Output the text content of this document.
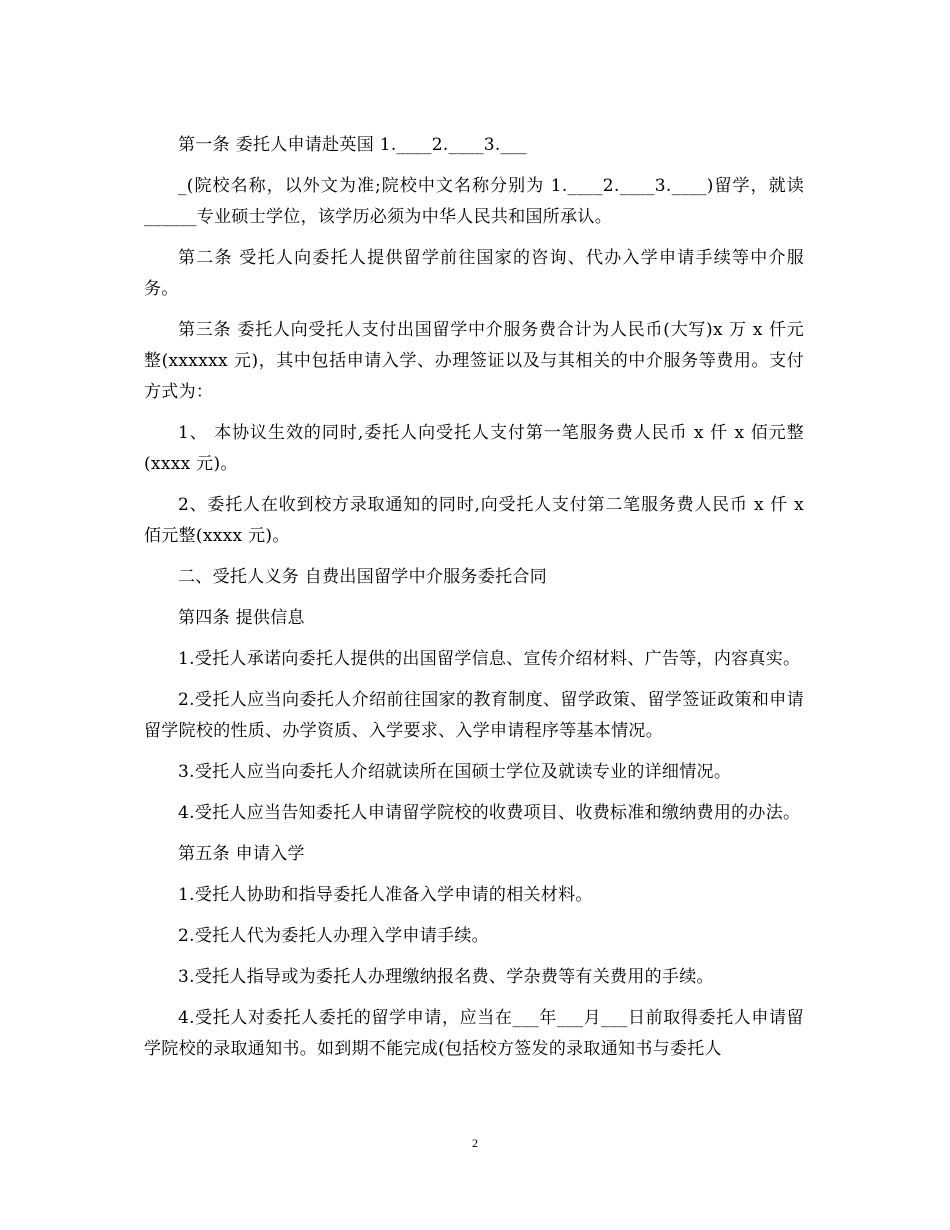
第一条 委托人申请赴英国 1.____2.____3.___

_(院校名称，以外文为准;院校中文名称分别为 1.____2.____3.____)留学，就读______专业硕士学位，该学历必须为中华人民共和国所承认。

第二条 受托人向委托人提供留学前往国家的咨询、代办入学申请手续等中介服务。

第三条 委托人向受托人支付出国留学中介服务费合计为人民币(大写)x 万 x 仟元整(xxxxxx 元)，其中包括申请入学、办理签证以及与其相关的中介服务等费用。支付方式为：

1、 本协议生效的同时,委托人向受托人支付第一笔服务费人民币 x 仟 x 佰元整(xxxx 元)。

2、委托人在收到校方录取通知的同时,向受托人支付第二笔服务费人民币 x 仟 x 佰元整(xxxx 元)。

二、受托人义务 自费出国留学中介服务委托合同

第四条 提供信息

1.受托人承诺向委托人提供的出国留学信息、宣传介绍材料、广告等，内容真实。

2.受托人应当向委托人介绍前往国家的教育制度、留学政策、留学签证政策和申请留学院校的性质、办学资质、入学要求、入学申请程序等基本情况。

3.受托人应当向委托人介绍就读所在国硕士学位及就读专业的详细情况。

4.受托人应当告知委托人申请留学院校的收费项目、收费标准和缴纳费用的办法。

第五条 申请入学

1.受托人协助和指导委托人准备入学申请的相关材料。

2.受托人代为委托人办理入学申请手续。

3.受托人指导或为委托人办理缴纳报名费、学杂费等有关费用的手续。

4.受托人对委托人委托的留学申请，应当在___年___月___日前取得委托人申请留学院校的录取通知书。如到期不能完成(包括校方签发的录取通知书与委托人

2
